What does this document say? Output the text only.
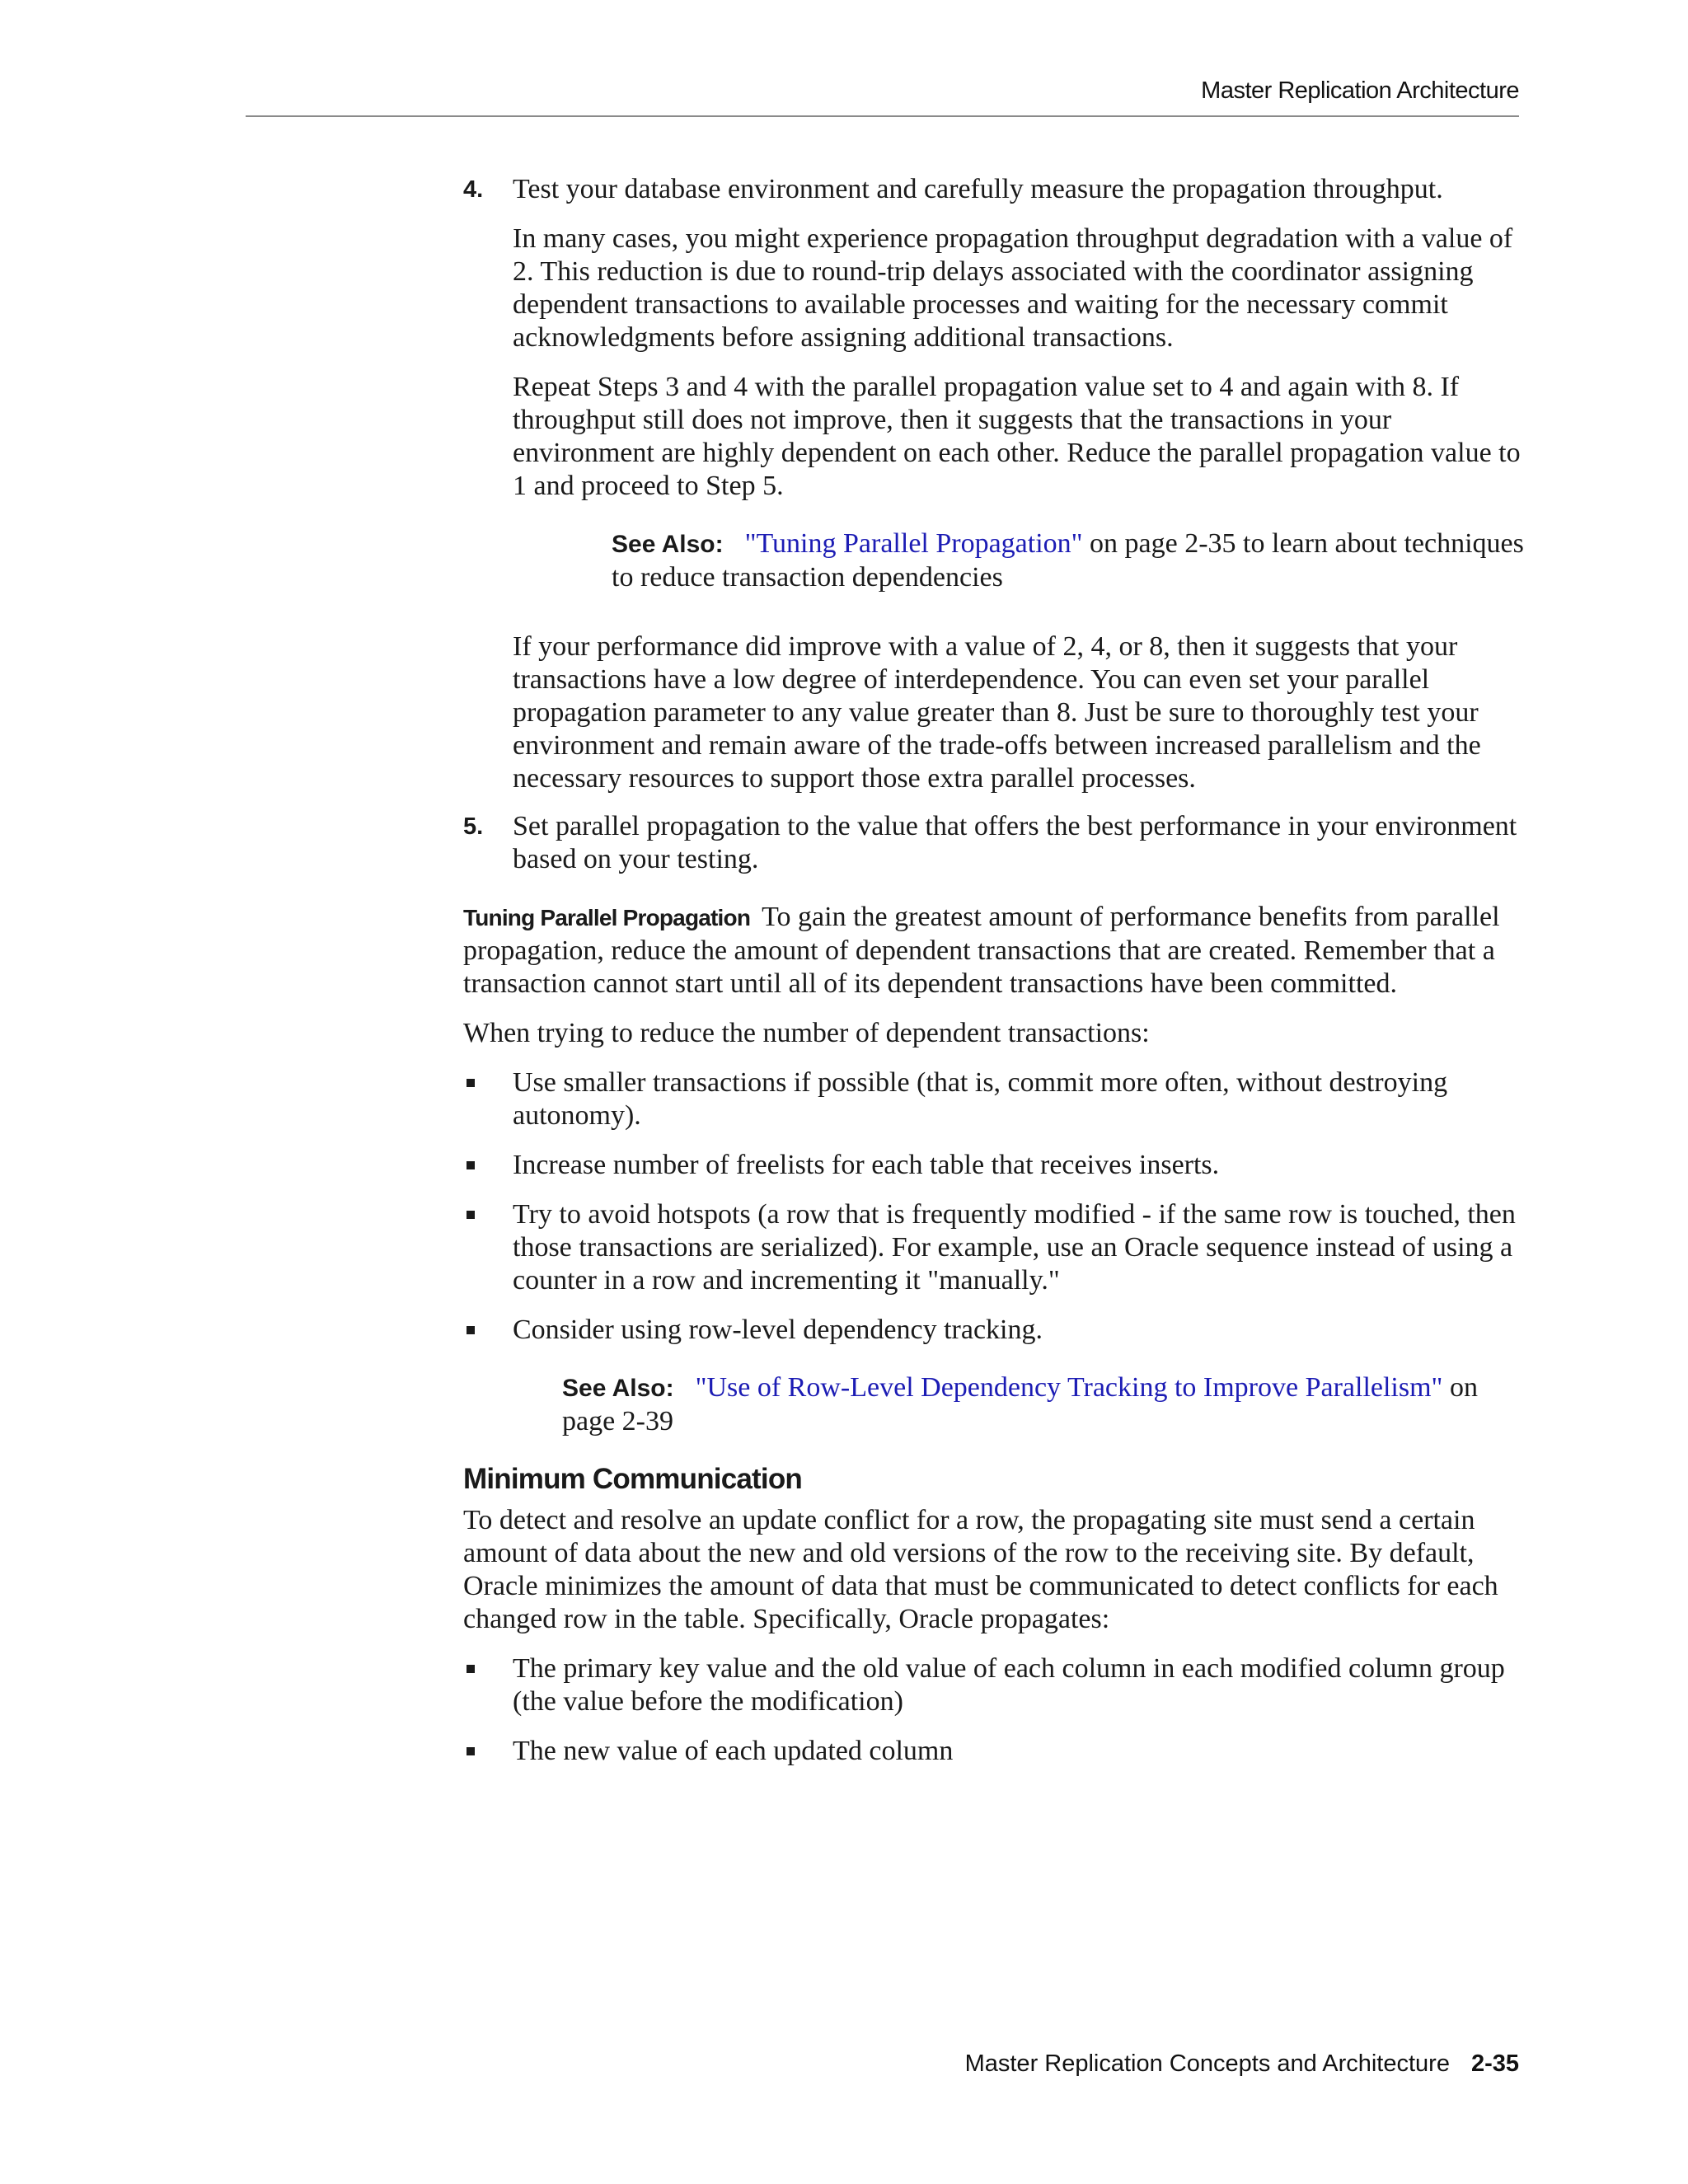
Master Replication Architecture
4. Test your database environment and carefully measure the propagation throughput.

In many cases, you might experience propagation throughput degradation with a value of 2. This reduction is due to round-trip delays associated with the coordinator assigning dependent transactions to available processes and waiting for the necessary commit acknowledgments before assigning additional transactions.

Repeat Steps 3 and 4 with the parallel propagation value set to 4 and again with 8. If throughput still does not improve, then it suggests that the transactions in your environment are highly dependent on each other. Reduce the parallel propagation value to 1 and proceed to Step 5.

See Also: "Tuning Parallel Propagation" on page 2-35 to learn about techniques to reduce transaction dependencies

If your performance did improve with a value of 2, 4, or 8, then it suggests that your transactions have a low degree of interdependence. You can even set your parallel propagation parameter to any value greater than 8. Just be sure to thoroughly test your environment and remain aware of the trade-offs between increased parallelism and the necessary resources to support those extra parallel processes.

5. Set parallel propagation to the value that offers the best performance in your environment based on your testing.

Tuning Parallel Propagation To gain the greatest amount of performance benefits from parallel propagation, reduce the amount of dependent transactions that are created. Remember that a transaction cannot start until all of its dependent transactions have been committed.

When trying to reduce the number of dependent transactions:

Use smaller transactions if possible (that is, commit more often, without destroying autonomy).
Increase number of freelists for each table that receives inserts.
Try to avoid hotspots (a row that is frequently modified - if the same row is touched, then those transactions are serialized). For example, use an Oracle sequence instead of using a counter in a row and incrementing it "manually."
Consider using row-level dependency tracking.
See Also: "Use of Row-Level Dependency Tracking to Improve Parallelism" on page 2-39
Minimum Communication

To detect and resolve an update conflict for a row, the propagating site must send a certain amount of data about the new and old versions of the row to the receiving site. By default, Oracle minimizes the amount of data that must be communicated to detect conflicts for each changed row in the table. Specifically, Oracle propagates:

The primary key value and the old value of each column in each modified column group (the value before the modification)
The new value of each updated column
Master Replication Concepts and Architecture 2-35
